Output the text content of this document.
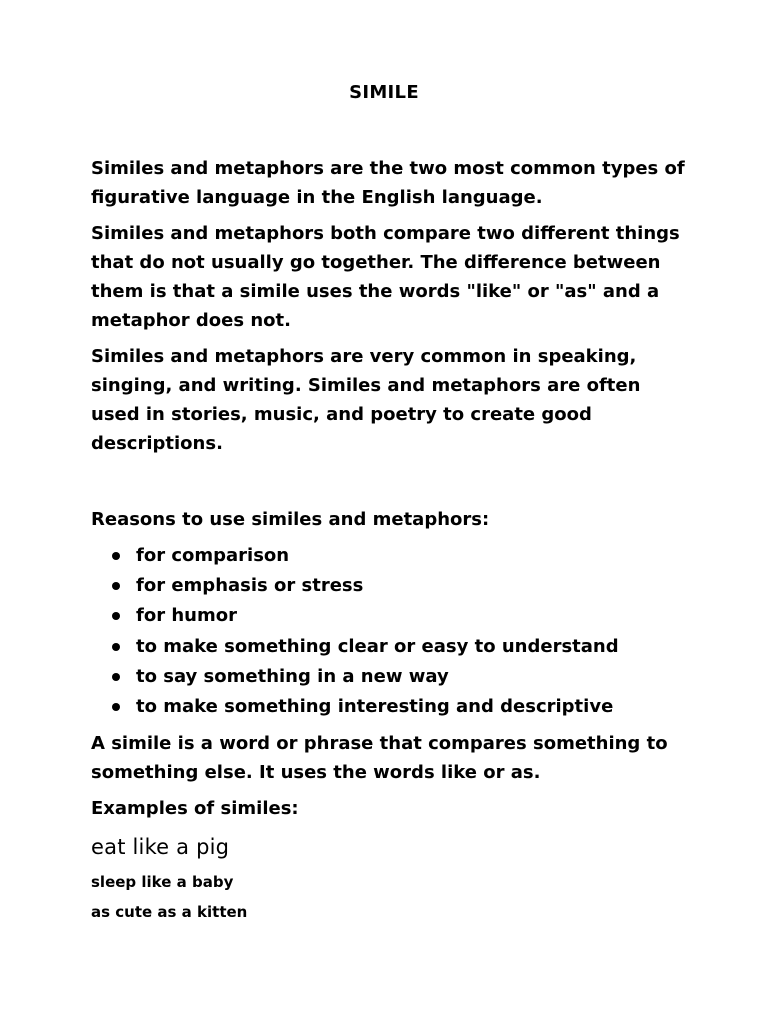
SIMILE

Similes and metaphors are the two most common types of figurative language in the English language.

Similes and metaphors both compare two different things that do not usually go together. The difference between them is that a simile uses the words "like" or "as" and a metaphor does not.

Similes and metaphors are very common in speaking, singing, and writing. Similes and metaphors are often used in stories, music, and poetry to create good descriptions.

Reasons to use similes and metaphors:

for comparison
for emphasis or stress
for humor
to make something clear or easy to understand
to say something in a new way
to make something interesting and descriptive

A simile is a word or phrase that compares something to something else. It uses the words like or as.

Examples of similes:

eat like a pig

sleep like a baby

as cute as a kitten
